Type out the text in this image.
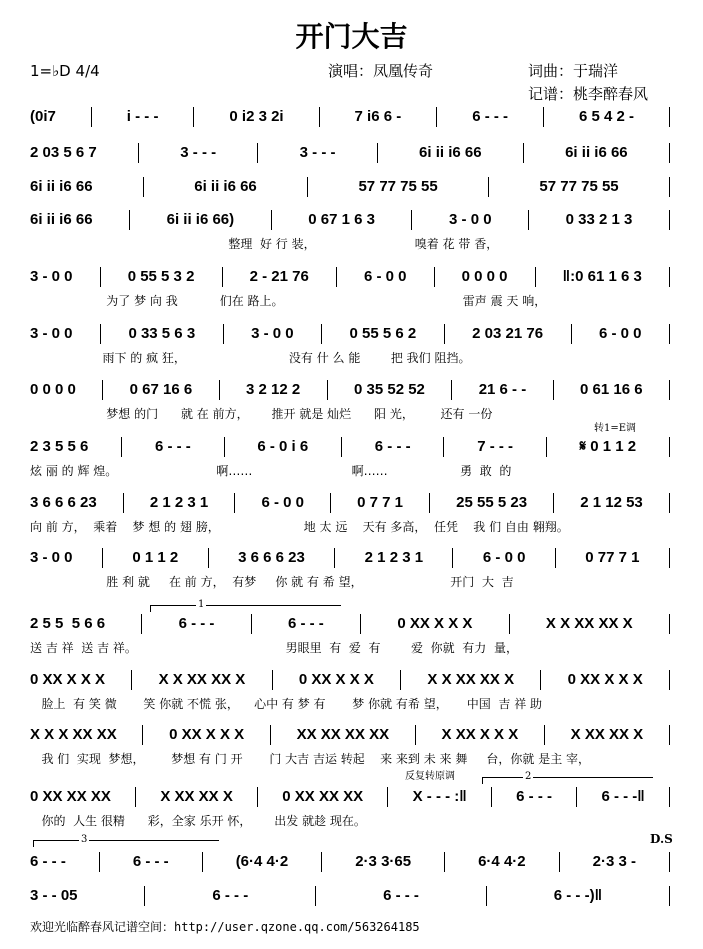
开门大吉
1=♭D 4/4	演唱：凤凰传奇	词曲：于瑞洋
记谱：桃李醉春风
(0i7	i - - -	0 i2 3 2i	7 i6 6 -	6 - - -	6 5 4 2 -
2 03 5 6 7	3 - - -	3 - - -	6i ii i6 66	6i ii i6 66
6i ii i6 66	6i ii i6 66	57 77 75 55	57 77 75 55
6i ii i6 66	6i ii i6 66)	0 67 1 6 3	3 - 0 0	0 33 2 1 3
整理  好 行 装，                          嗅着 花 带 香，
3 - 0 0	0 55 5 3 2	2 - 21 76	6 - 0 0	0 0 0 0	‖:0 61 1 6 3
为了 梦 向 我           们在 路上。                                               雷声 震 天 响，
3 - 0 0	0 33 5 6 3	3 - 0 0	0 55 5 6 2	2 03 21 76	6 - 0 0
雨下 的 疯 狂，                           没有 什 么 能        把 我们 阻挡。
0 0 0 0	0 67 16 6	3 2 12 2	0 35 52 52	21 6 - -	0 61 16 6
梦想 的门      就 在 前方，      推开 就是 灿烂      阳 光，       还有 一份
2 3 5 5 6	6 - - -	6 - 0 i 6	6 - - -	7 - - -	𝄋 0 1 1 2
炫 丽 的 辉 煌。                          啊……                          啊……                   勇  敢  的
3 6 6 6 23	2 1 2 3 1	6 - 0 0	0 7 7 1	25 55 5 23	2 1 12 53
向 前 方，  乘着    梦 想 的 翅 膀，                      地 太 远    天有 多高，  任凭    我 们 自由 翱翔。
3 - 0 0	0 1 1 2	3 6 6 6 23	2 1 2 3 1	6 - 0 0	0 77 7 1
胜 利 就     在 前 方，  有梦     你 就 有 希 望，                       开门  大  吉
2 5 5  5 6 6	6 - - -	6 - - -	0 XX X X X	X X XX XX X
送 吉 祥  送 吉 祥。                                       男眼里  有  爱  有        爱  你就  有力  量，
0 XX X X X	X X XX XX X	0 XX X X X	X X XX XX X	0 XX X X X
脸上  有 笑 微       笑 你就 不慌 张，    心中 有 梦 有       梦 你就 有希 望，     中国  吉 祥 助
X X X XX XX	0 XX X X X	XX XX XX XX	X XX X X X	X XX XX X
我 们  实现  梦想，       梦想 有 门 开       门 大吉 吉运 转起    来 来到 未 来 舞     台，你就 是主 宰，
0 XX XX XX	X XX XX X	0 XX XX XX	X - - - :‖	6 - - -	6 - - -‖
你的  人生 很精      彩，全家 乐开 怀，      出发 就趁 现在。
6 - - -	6 - - -	(6·4 4·2	2·3 3·65	6·4 4·2	2·3 3 -
3 - - 05	6 - - -	6 - - -	6 - - -)‖
转1=E调
反复转原调
D.S
1
2
3
欢迎光临醉春风记谱空间：http://user.qzone.qq.com/563264185
